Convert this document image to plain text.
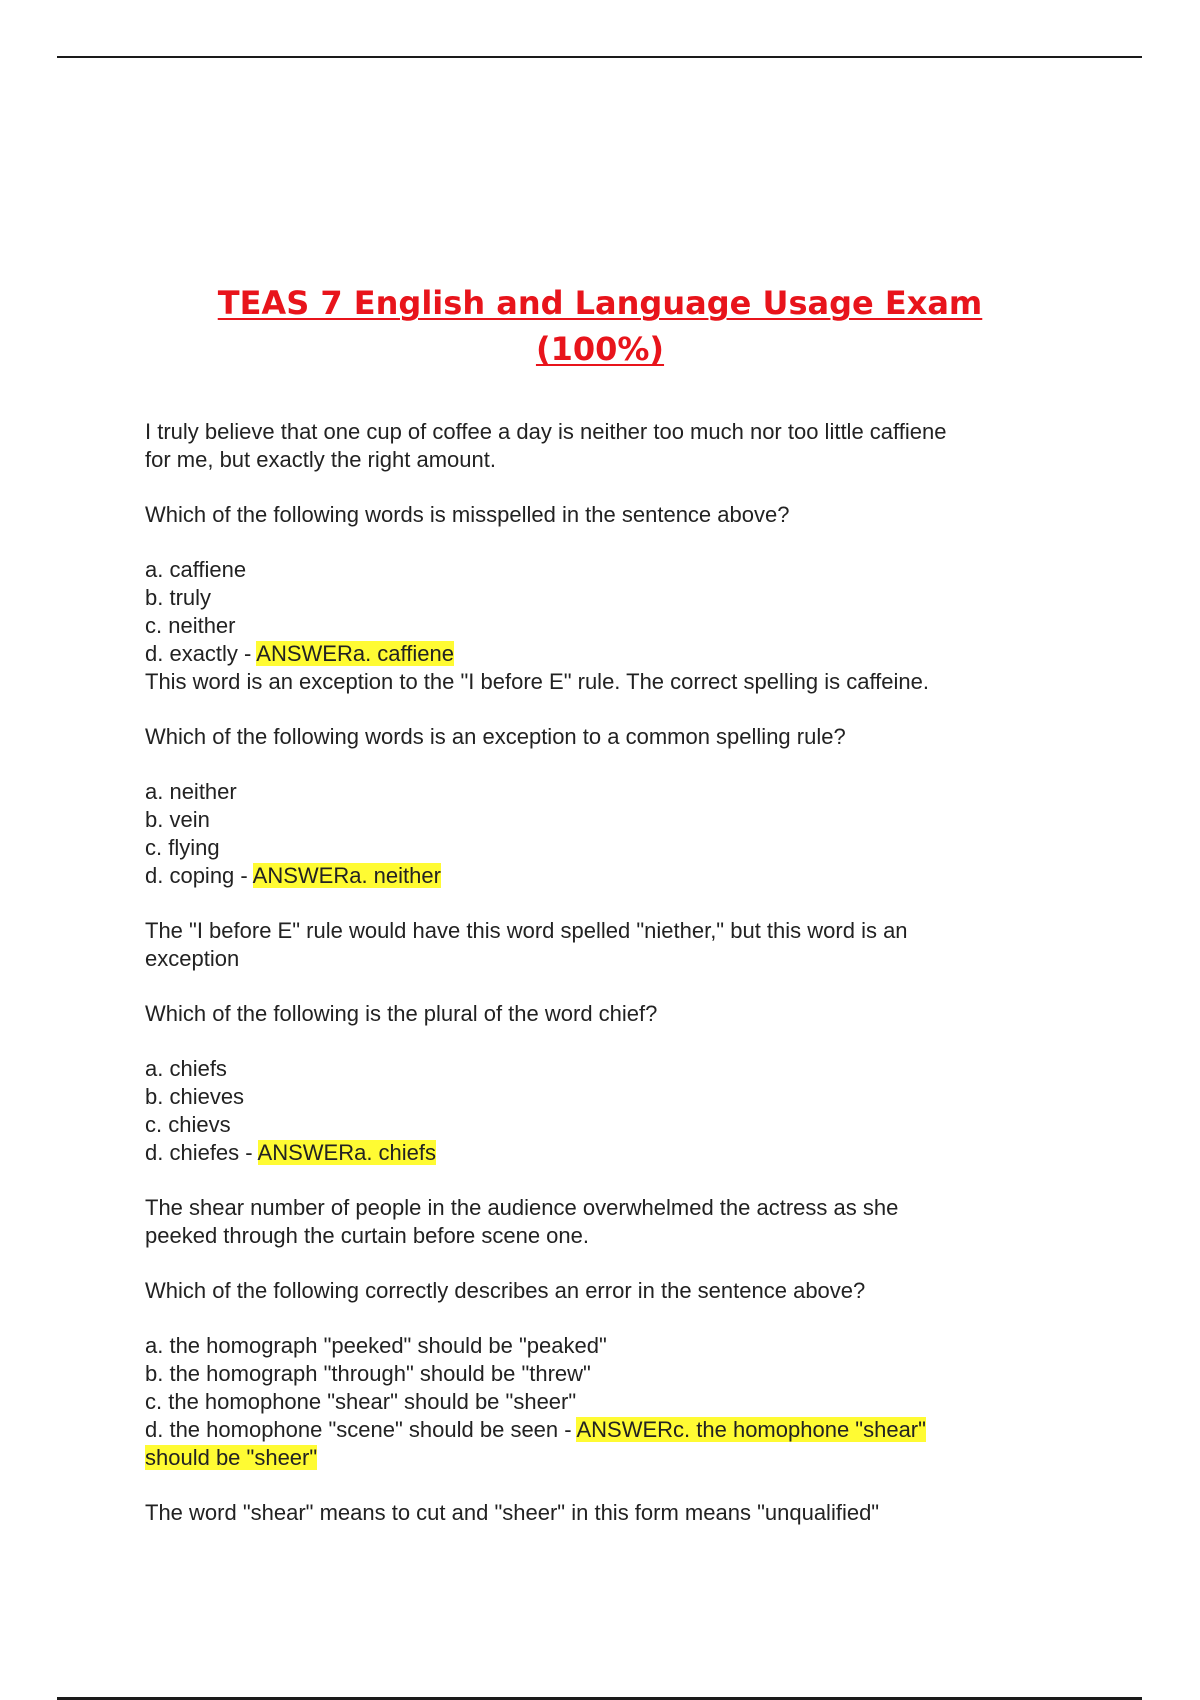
TEAS 7 English and Language Usage Exam
(100%)

I truly believe that one cup of coffee a day is neither too much nor too little caffiene

for me, but exactly the right amount.

Which of the following words is misspelled in the sentence above?

a. caffiene

b. truly

c. neither

d. exactly - ANSWERa. caffiene

This word is an exception to the "I before E" rule. The correct spelling is caffeine.

Which of the following words is an exception to a common spelling rule?

a. neither

b. vein

c. flying

d. coping - ANSWERa. neither

The "I before E" rule would have this word spelled "niether," but this word is an

exception

Which of the following is the plural of the word chief?

a. chiefs

b. chieves

c. chievs

d. chiefes - ANSWERa. chiefs

The shear number of people in the audience overwhelmed the actress as she

peeked through the curtain before scene one.

Which of the following correctly describes an error in the sentence above?

a. the homograph "peeked" should be "peaked"

b. the homograph "through" should be "threw"

c. the homophone "shear" should be "sheer"

d. the homophone "scene" should be seen - ANSWERc. the homophone "shear"

should be "sheer"

The word "shear" means to cut and "sheer" in this form means "unqualified"
